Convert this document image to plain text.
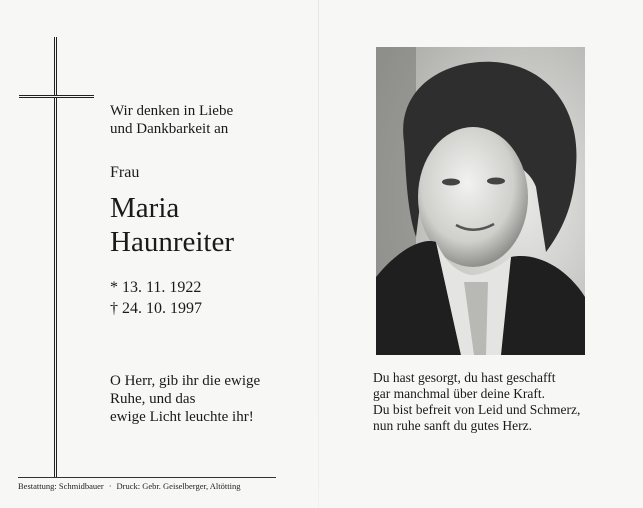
Wir denken in Liebe
und Dankbarkeit an
Frau
Maria
Haunreiter
* 13. 11. 1922
† 24. 10. 1997
O Herr, gib ihr die ewige
Ruhe, und das
ewige Licht leuchte ihr!
Bestattung: Schmidbauer · Druck: Gebr. Geiselberger, Altötting
Du hast gesorgt, du hast geschafft
gar manchmal über deine Kraft.
Du bist befreit von Leid und Schmerz,
nun ruhe sanft du gutes Herz.
